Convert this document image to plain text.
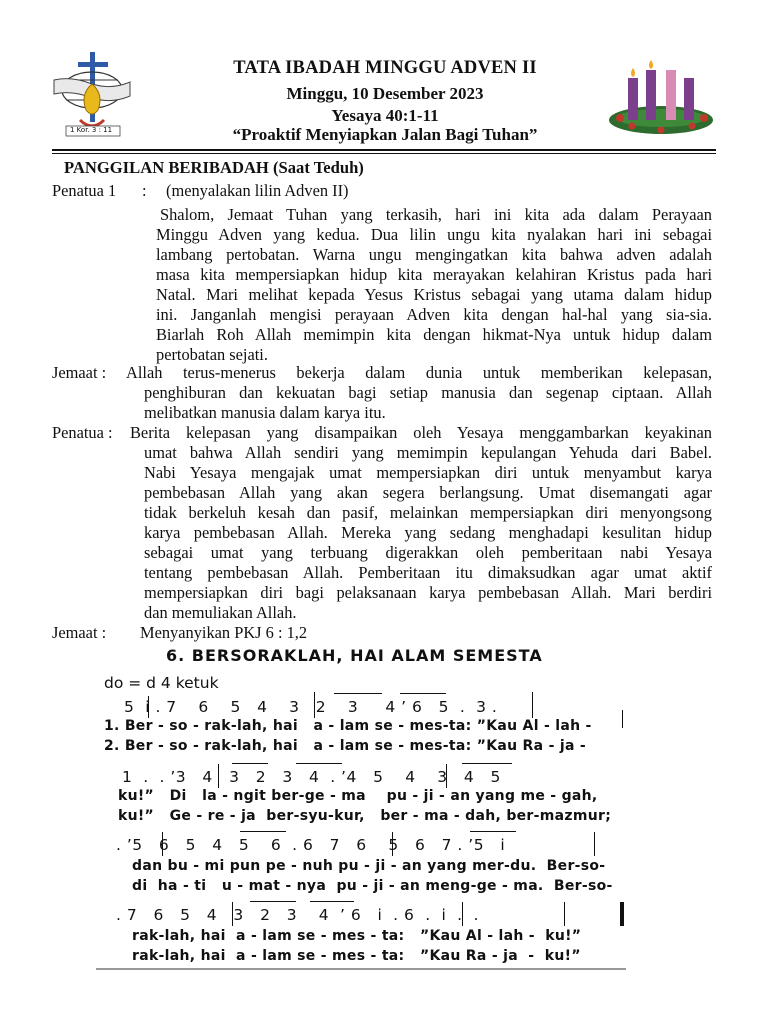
1 Kor. 3 : 11
TATA IBADAH MINGGU ADVEN II
Minggu, 10 Desember 2023
Yesaya 40:1-11
“Proaktif Menyiapkan Jalan Bagi Tuhan”
PANGGILAN BERIBADAH (Saat Teduh)
Penatua 1 : (menyalakan lilin Adven II)
Shalom, Jemaat Tuhan yang terkasih, hari ini kita ada dalam Perayaan
Minggu Adven yang kedua. Dua lilin ungu kita nyalakan hari ini sebagai
lambang pertobatan. Warna ungu mengingatkan kita bahwa adven adalah
masa kita mempersiapkan hidup kita merayakan kelahiran Kristus pada hari
Natal. Mari melihat kepada Yesus Kristus sebagai yang utama dalam hidup
ini. Janganlah mengisi perayaan Adven kita dengan hal-hal yang sia-sia.
Biarlah Roh Allah memimpin kita dengan hikmat-Nya untuk hidup dalam
pertobatan sejati.
Jemaat : Allah terus-menerus bekerja dalam dunia untuk memberikan kelepasan,
penghiburan dan kekuatan bagi setiap manusia dan segenap ciptaan. Allah
melibatkan manusia dalam karya itu.
Penatua : Berita kelepasan yang disampaikan oleh Yesaya menggambarkan keyakinan
umat bahwa Allah sendiri yang memimpin kepulangan Yehuda dari Babel.
Nabi Yesaya mengajak umat mempersiapkan diri untuk menyambut karya
pembebasan Allah yang akan segera berlangsung. Umat disemangati agar
tidak berkeluh kesah dan pasif, melainkan mempersiapkan diri menyongsong
karya pembebasan Allah. Mereka yang sedang menghadapi kesulitan hidup
sebagai umat yang terbuang digerakkan oleh pemberitaan nabi Yesaya
tentang pembebasan Allah. Pemberitaan itu dimaksudkan agar umat aktif
mempersiapkan diri bagi pelaksanaan karya pembebasan Allah. Mari berdiri
dan memuliakan Allah.
Jemaat : Menyanyikan PKJ 6 : 1,2
6. BERSORAKLAH, HAI ALAM SEMESTA
do = d 4 ketuk
5  i . 7    6    5   4    3   2    3     4 ’ 6   5  .  3 .
1. Ber - so - rak-lah, hai   a - lam se - mes-ta: ”Kau Al - lah -
2. Ber - so - rak-lah, hai   a - lam se - mes-ta: ”Kau Ra - ja -
1  .  . ’3   4   3   2   3   4  . ’4   5    4    3   4   5
ku!”   Di   la - ngit ber-ge - ma    pu - ji - an yang me - gah,
ku!”   Ge - re - ja  ber-syu-kur,   ber - ma - dah, ber-mazmur;
. ’5   6   5   4   5    6  . 6   7   6    5   6   7 . ’5   i
dan bu - mi pun pe - nuh pu - ji - an yang mer-du.  Ber-so-
di  ha - ti   u - mat - nya  pu - ji - an meng-ge - ma.  Ber-so-
. 7   6   5   4   3   2   3    4  ’ 6   i  . 6  .  i  .  .
rak-lah, hai  a - lam se - mes - ta:   ”Kau Al - lah -  ku!”
rak-lah, hai  a - lam se - mes - ta:   ”Kau Ra - ja  -  ku!”
